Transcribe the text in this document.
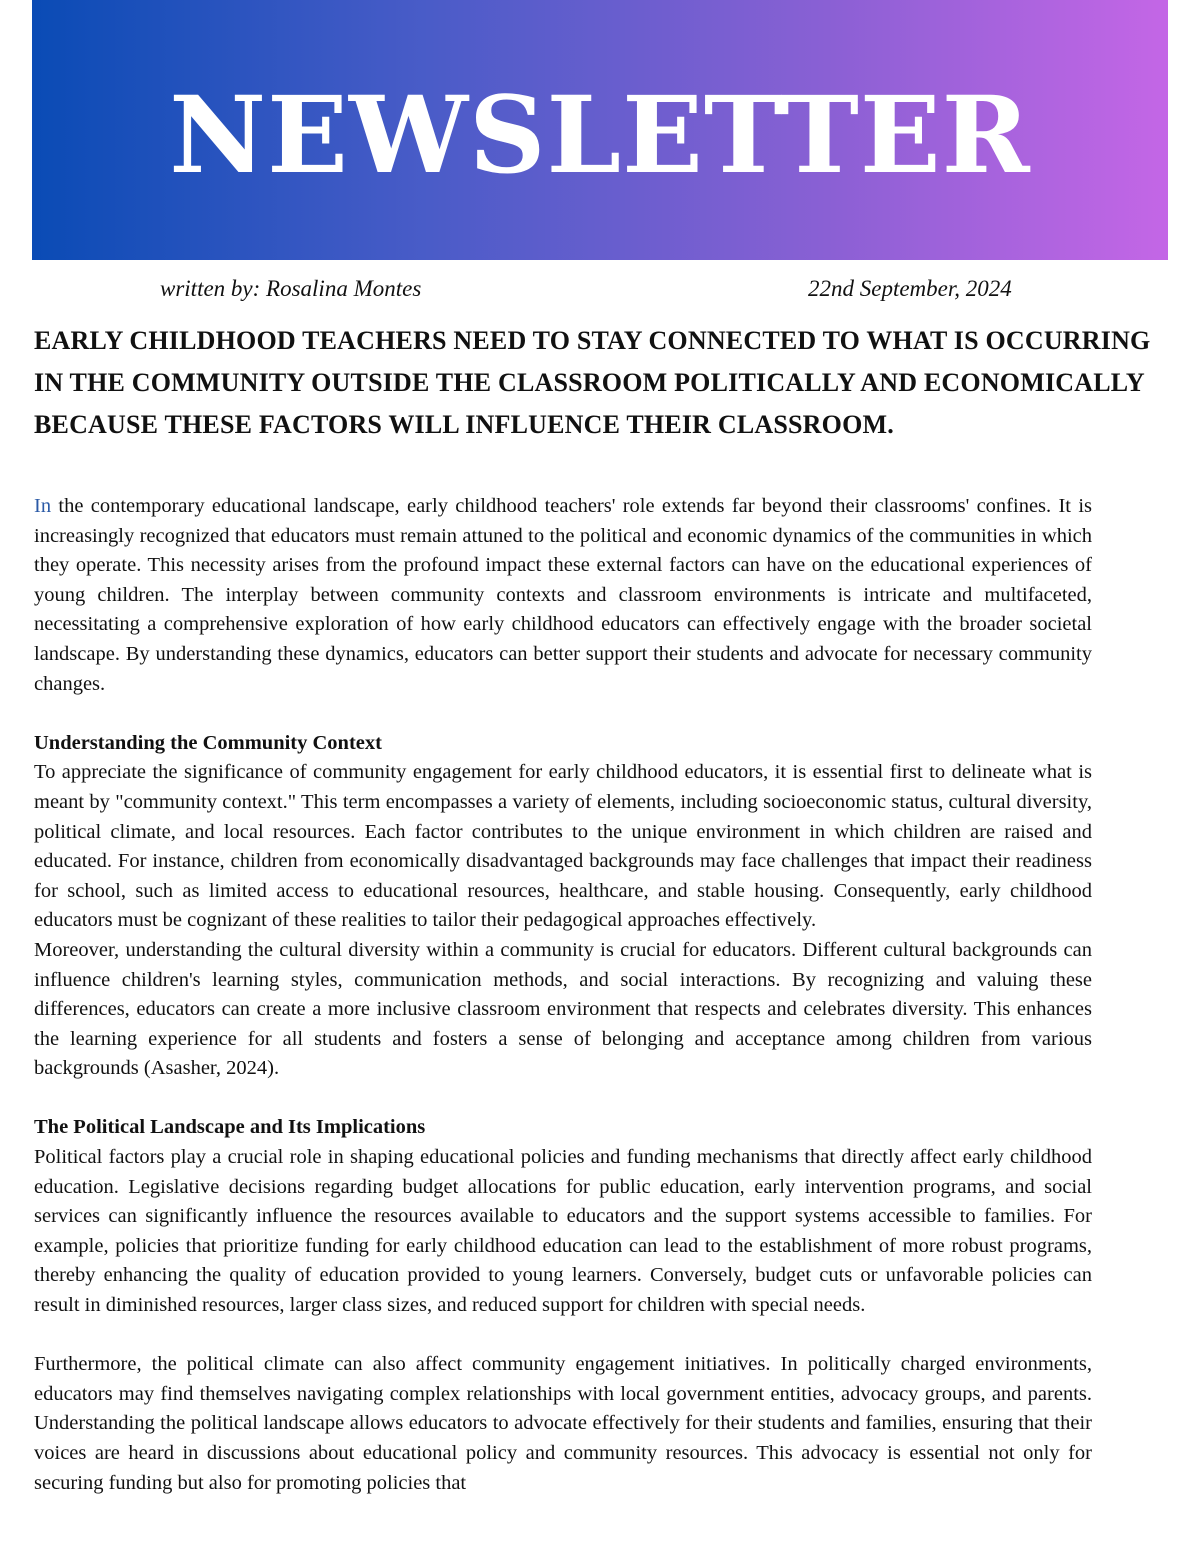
NEWSLETTER
written by: Rosalina Montes	22nd September, 2024
EARLY CHILDHOOD TEACHERS NEED TO STAY CONNECTED TO WHAT IS OCCURRING IN THE COMMUNITY OUTSIDE THE CLASSROOM POLITICALLY AND ECONOMICALLY BECAUSE THESE FACTORS WILL INFLUENCE THEIR CLASSROOM.

In the contemporary educational landscape, early childhood teachers' role extends far beyond their classrooms' confines. It is increasingly recognized that educators must remain attuned to the political and economic dynamics of the communities in which they operate. This necessity arises from the profound impact these external factors can have on the educational experiences of young children. The interplay between community contexts and classroom environments is intricate and multifaceted, necessitating a comprehensive exploration of how early childhood educators can effectively engage with the broader societal landscape. By understanding these dynamics, educators can better support their students and advocate for necessary community changes.

Understanding the Community Context

To appreciate the significance of community engagement for early childhood educators, it is essential first to delineate what is meant by "community context." This term encompasses a variety of elements, including socioeconomic status, cultural diversity, political climate, and local resources. Each factor contributes to the unique environment in which children are raised and educated. For instance, children from economically disadvantaged backgrounds may face challenges that impact their readiness for school, such as limited access to educational resources, healthcare, and stable housing. Consequently, early childhood educators must be cognizant of these realities to tailor their pedagogical approaches effectively.

Moreover, understanding the cultural diversity within a community is crucial for educators. Different cultural backgrounds can influence children's learning styles, communication methods, and social interactions. By recognizing and valuing these differences, educators can create a more inclusive classroom environment that respects and celebrates diversity. This enhances the learning experience for all students and fosters a sense of belonging and acceptance among children from various backgrounds (Asasher, 2024).

The Political Landscape and Its Implications

Political factors play a crucial role in shaping educational policies and funding mechanisms that directly affect early childhood education. Legislative decisions regarding budget allocations for public education, early intervention programs, and social services can significantly influence the resources available to educators and the support systems accessible to families. For example, policies that prioritize funding for early childhood education can lead to the establishment of more robust programs, thereby enhancing the quality of education provided to young learners. Conversely, budget cuts or unfavorable policies can result in diminished resources, larger class sizes, and reduced support for children with special needs.

Furthermore, the political climate can also affect community engagement initiatives. In politically charged environments, educators may find themselves navigating complex relationships with local government entities, advocacy groups, and parents. Understanding the political landscape allows educators to advocate effectively for their students and families, ensuring that their voices are heard in discussions about educational policy and community resources. This advocacy is essential not only for securing funding but also for promoting policies that
